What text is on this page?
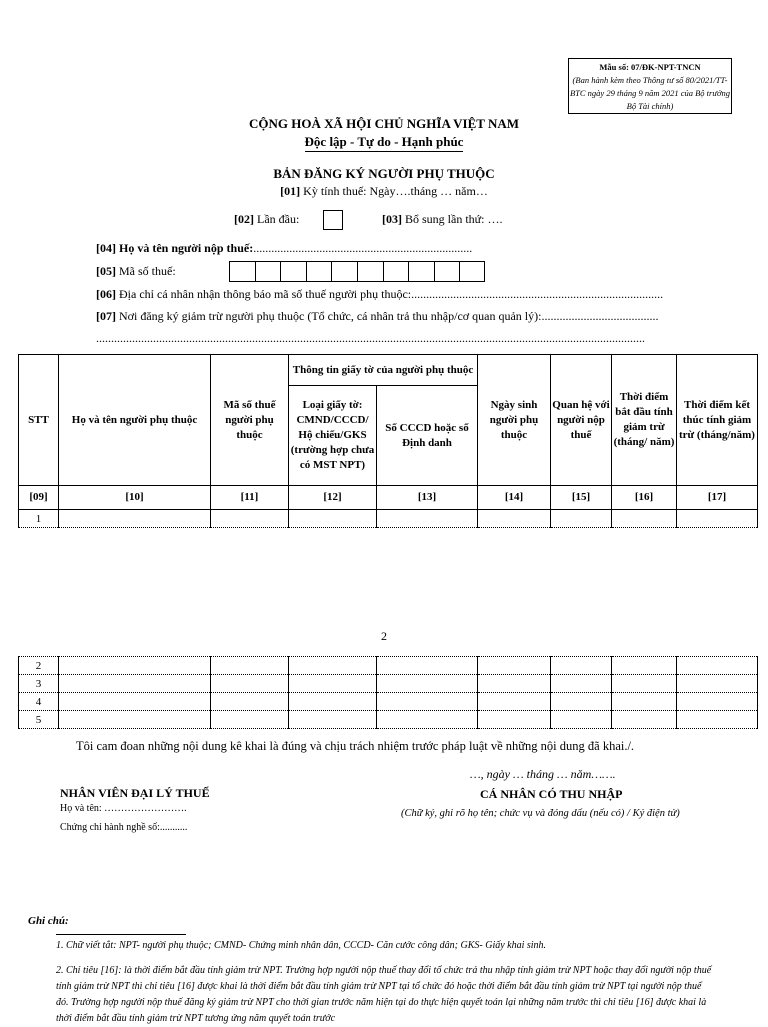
Mẫu số: 07/ĐK-NPT-TNCN
(Ban hành kèm theo Thông tư số 80/2021/TT-BTC ngày 29 tháng 9 năm 2021 của Bộ trưởng Bộ Tài chính)
CỘNG HOÀ XÃ HỘI CHỦ NGHĨA VIỆT NAM
Độc lập - Tự do - Hạnh phúc
BẢN ĐĂNG KÝ NGƯỜI PHỤ THUỘC
[01] Kỳ tính thuế: Ngày….tháng … năm…
[02] Lần đầu:	[03] Bổ sung lần thứ: ….
[04] Họ và tên người nộp thuế:.........................................................................
[05] Mã số thuế:
[06] Địa chỉ cá nhân nhận thông báo mã số thuế người phụ thuộc:....................................................................................
[07] Nơi đăng ký giảm trừ người phụ thuộc (Tổ chức, cá nhân trả thu nhập/cơ quan quản lý):.......................................
.......................................................................................................................................................................................
STT	Họ và tên người phụ thuộc	Mã số thuế người phụ thuộc	Thông tin giấy tờ của người phụ thuộc		Ngày sinh người phụ thuộc	Quan hệ với người nộp thuế	Thời điểm bắt đầu tính giảm trừ (tháng/ năm)	Thời điểm kết thúc tính giảm trừ (tháng/năm)
			Loại giấy tờ: CMND/CCCD/ Hộ chiếu/GKS (trường hợp chưa có MST NPT)	Số CCCD hoặc số Định danh				
[09]	[10]	[11]	[12]	[13]	[14]	[15]	[16]	[17]
1								
2
2								
3								
4								
5								
Tôi cam đoan những nội dung kê khai là đúng và chịu trách nhiệm trước pháp luật về những nội dung đã khai./.
…, ngày … tháng … năm…….
NHÂN VIÊN ĐẠI LÝ THUẾ
Họ và tên: …………………….
Chứng chỉ hành nghề số:...........
CÁ NHÂN CÓ THU NHẬP
(Chữ ký, ghi rõ họ tên; chức vụ và đóng dấu (nếu có) / Ký điện tử)
Ghi chú:
1. Chữ viết tắt: NPT- người phụ thuộc; CMND- Chứng minh nhân dân, CCCD- Căn cước công dân; GKS- Giấy khai sinh.
2. Chỉ tiêu [16]: là thời điểm bắt đầu tính giảm trừ NPT. Trường hợp người nộp thuế thay đổi tổ chức trả thu nhập tính giảm trừ NPT hoặc thay đổi người nộp thuế tính giảm trừ NPT thì chỉ tiêu [16] được khai là thời điểm bắt đầu tính giảm trừ NPT tại tổ chức đó hoặc thời điểm bắt đầu tính giảm trừ NPT tại người nộp thuế đó. Trường hợp người nộp thuế đăng ký giảm trừ NPT cho thời gian trước năm hiện tại do thực hiện quyết toán lại những năm trước thì chỉ tiêu [16] được khai là thời điểm bắt đầu tính giảm trừ NPT tương ứng năm quyết toán trước
